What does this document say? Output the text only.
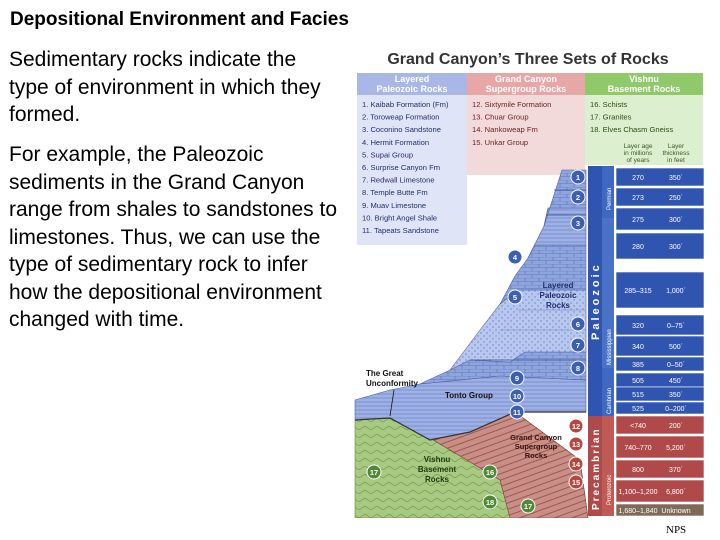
Depositional Environment and Facies
Sedimentary rocks indicate the type of environment in which they formed.
For example, the Paleozoic sediments in the Grand Canyon range from shales to sandstones to limestones. Thus, we can use the type of sedimentary rock to infer how the depositional environment changed with time.
Grand Canyon’s Three Sets of Rocks
Layered
Paleozoic Rocks
Grand Canyon
Supergroup Rocks
Vishnu
Basement Rocks
1. Kaibab Formation (Fm)
2. Toroweap Formation
3. Coconino Sandstone
4. Hermit Formation
5. Supai Group
6. Surprise Canyon Fm
7. Redwall Limestone
8. Temple Butte Fm
9. Muav Limestone
10. Bright Angel Shale
11. Tapeats Sandstone
12. Sixtymile Formation
13. Chuar Group
14. Nankoweap Fm
15. Unkar Group
16. Schists
17. Granites
18. Elves Chasm Gneiss
Layer age
in millions
of years
Layer
thickness
in feet
Layered
Paleozoic
Rocks
The Great
Unconformity
Tonto Group
Grand Canyon
Supergroup
Rocks
Vishnu
Basement
Rocks
1
2
3
4
5
6
7
8
9
10
11
12
13
14
15
16
17
18	17
Paleozoic
Precambrian
Permian
Mississippian
Cambrian
Proterozoic
270	350´
273	250´
275	300´
280	300´
285–315 1,000´
320	0–75´
340	500´
385	0–50´
505	450´
515	350´
525	0–200´
<740	200´
740–770 5,200´
800	370´
1,100–1,200 6,800´
1,680–1,840 Unknown
NPS
